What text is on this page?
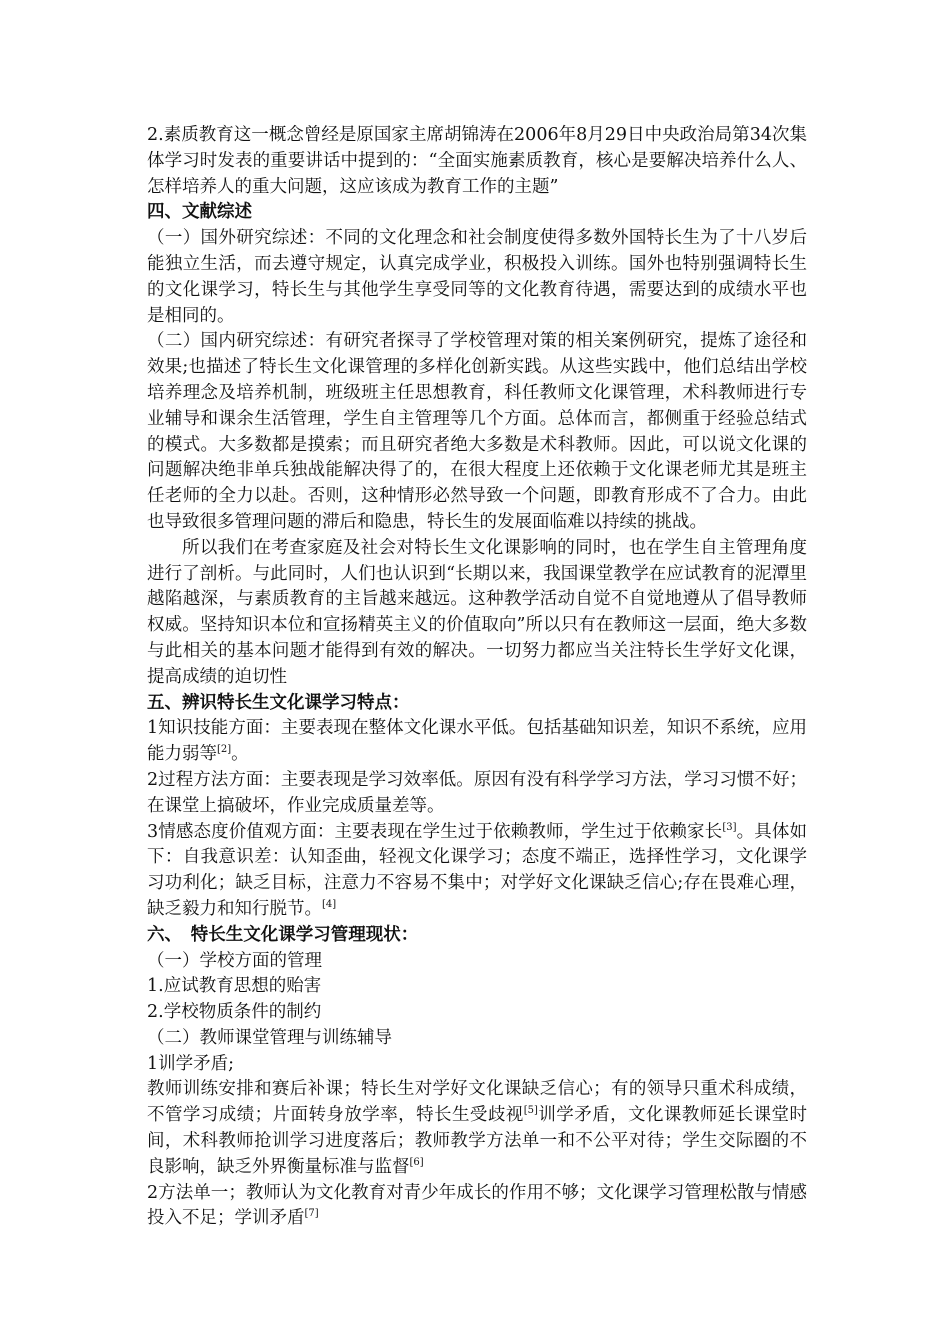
2.素质教育这一概念曾经是原国家主席胡锦涛在2006年8月29日中央政治局第34次集体学习时发表的重要讲话中提到的：“全面实施素质教育，核心是要解决培养什么人、怎样培养人的重大问题，这应该成为教育工作的主题”

四、文献综述

（一）国外研究综述：不同的文化理念和社会制度使得多数外国特长生为了十八岁后能独立生活，而去遵守规定，认真完成学业，积极投入训练。国外也特别强调特长生的文化课学习，特长生与其他学生享受同等的文化教育待遇，需要达到的成绩水平也是相同的。

（二）国内研究综述：有研究者探寻了学校管理对策的相关案例研究，提炼了途径和效果;也描述了特长生文化课管理的多样化创新实践。从这些实践中，他们总结出学校培养理念及培养机制，班级班主任思想教育，科任教师文化课管理，术科教师进行专业辅导和课余生活管理，学生自主管理等几个方面。总体而言，都侧重于经验总结式的模式。大多数都是摸索；而且研究者绝大多数是术科教师。因此，可以说文化课的问题解决绝非单兵独战能解决得了的，在很大程度上还依赖于文化课老师尤其是班主任老师的全力以赴。否则，这种情形必然导致一个问题，即教育形成不了合力。由此也导致很多管理问题的滞后和隐患，特长生的发展面临难以持续的挑战。

所以我们在考查家庭及社会对特长生文化课影响的同时，也在学生自主管理角度进行了剖析。与此同时，人们也认识到“长期以来，我国课堂教学在应试教育的泥潭里越陷越深，与素质教育的主旨越来越远。这种教学活动自觉不自觉地遵从了倡导教师权威。坚持知识本位和宣扬精英主义的价值取向”所以只有在教师这一层面，绝大多数与此相关的基本问题才能得到有效的解决。一切努力都应当关注特长生学好文化课，提高成绩的迫切性

五、辨识特长生文化课学习特点：

1知识技能方面：主要表现在整体文化课水平低。包括基础知识差，知识不系统，应用能力弱等[2]。

2过程方法方面：主要表现是学习效率低。原因有没有科学学习方法，学习习惯不好；在课堂上搞破坏，作业完成质量差等。

3情感态度价值观方面：主要表现在学生过于依赖教师，学生过于依赖家长[3]。具体如下：自我意识差：认知歪曲，轻视文化课学习；态度不端正，选择性学习，文化课学习功利化；缺乏目标，注意力不容易不集中；对学好文化课缺乏信心;存在畏难心理，缺乏毅力和知行脱节。[4]

六、　特长生文化课学习管理现状：

（一）学校方面的管理

1.应试教育思想的贻害

2.学校物质条件的制约

（二）教师课堂管理与训练辅导

1训学矛盾;

教师训练安排和赛后补课；特长生对学好文化课缺乏信心；有的领导只重术科成绩，不管学习成绩；片面转身放学率，特长生受歧视[5]训学矛盾，文化课教师延长课堂时间，术科教师抢训学习进度落后；教师教学方法单一和不公平对待；学生交际圈的不良影响，缺乏外界衡量标准与监督[6]

2方法单一；教师认为文化教育对青少年成长的作用不够；文化课学习管理松散与情感投入不足；学训矛盾[7]
